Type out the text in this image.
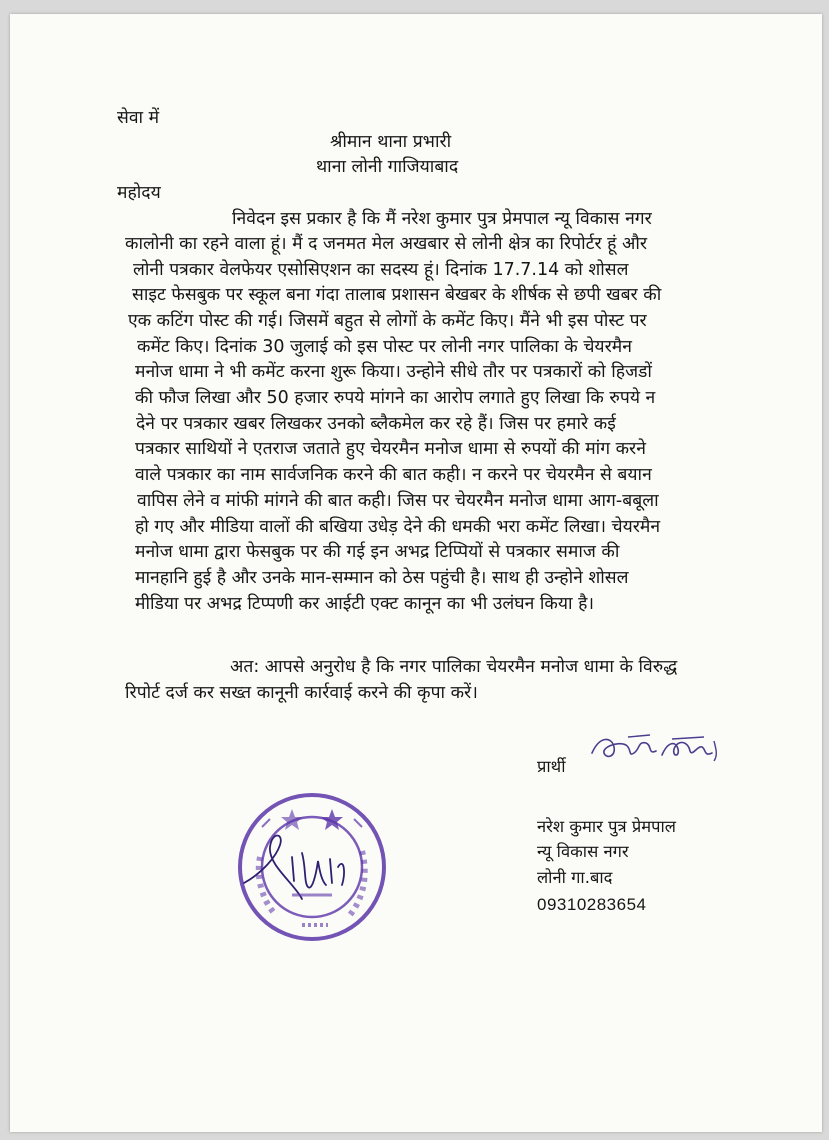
सेवा में
श्रीमान थाना प्रभारी
थाना लोनी गाजियाबाद
महोदय
निवेदन इस प्रकार है कि मैं नरेश कुमार पुत्र प्रेमपाल न्यू विकास नगर
कालोनी का रहने वाला हूं। मैं द जनमत मेल अखबार से लोनी क्षेत्र का रिपोर्टर हूं और
लोनी पत्रकार वेलफेयर एसोसिएशन का सदस्य हूं। दिनांक 17.7.14 को शोसल
साइट फेसबुक पर स्कूल बना गंदा तालाब प्रशासन बेखबर के शीर्षक से छपी खबर की
एक कटिंग पोस्ट की गई। जिसमें बहुत से लोगों के कमेंट किए। मैंने भी इस पोस्ट पर
कमेंट किए। दिनांक 30 जुलाई को इस पोस्ट पर लोनी नगर पालिका के चेयरमैन
मनोज धामा ने भी कमेंट करना शुरू किया। उन्होने सीधे तौर पर पत्रकारों को हिजडों
की फौज लिखा और 50 हजार रुपये मांगने का आरोप लगाते हुए लिखा कि रुपये न
देने पर पत्रकार खबर लिखकर उनको ब्लैकमेल कर रहे हैं। जिस पर हमारे कई
पत्रकार साथियों ने एतराज जताते हुए चेयरमैन मनोज धामा से रुपयों की मांग करने
वाले पत्रकार का नाम सार्वजनिक करने की बात कही। न करने पर चेयरमैन से बयान
वापिस लेने व मांफी मांगने की बात कही। जिस पर चेयरमैन मनोज धामा आग-बबूला
हो गए और मीडिया वालों की बखिया उधेड़ देने की धमकी भरा कमेंट लिखा। चेयरमैन
मनोज धामा द्वारा फेसबुक पर की गई इन अभद्र टिप्पियों से पत्रकार समाज की
मानहानि हुई है और उनके मान-सम्मान को ठेस पहुंची है। साथ ही उन्होने शोसल
मीडिया पर अभद्र टिप्पणी कर आईटी एक्ट कानून का भी उलंघन किया है।
अत: आपसे अनुरोध है कि नगर पालिका चेयरमैन मनोज धामा के विरुद्ध
रिपोर्ट दर्ज कर सख्त कानूनी कार्रवाई करने की कृपा करें।
प्रार्थी
नरेश कुमार पुत्र प्रेमपाल
न्यू विकास नगर
लोनी गा.बाद
09310283654
